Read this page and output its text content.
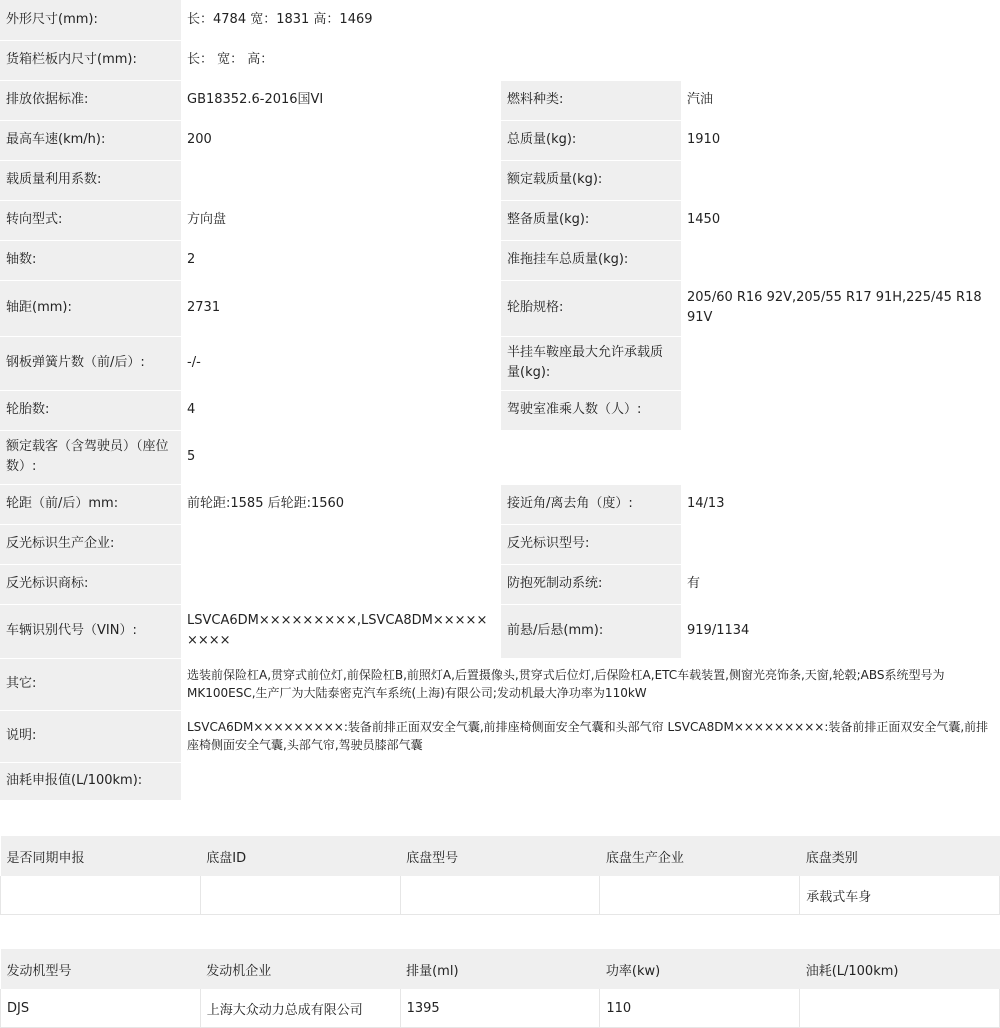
外形尺寸(mm):	长：4784 宽：1831 高：1469		
货箱栏板内尺寸(mm):	长： 宽： 高：		
排放依据标准:	GB18352.6-2016国VI	燃料种类:	汽油
最高车速(km/h):	200	总质量(kg):	1910
载质量利用系数:		额定载质量(kg):	
转向型式:	方向盘	整备质量(kg):	1450
轴数:	2	准拖挂车总质量(kg):	
轴距(mm):	2731	轮胎规格:	205/60 R16 92V,205/55 R17 91H,225/45 R18 91V
钢板弹簧片数（前/后）:	-/-	半挂车鞍座最大允许承载质量(kg):	
轮胎数:	4	驾驶室准乘人数（人）:	
额定载客（含驾驶员）（座位数）:	5		
轮距（前/后）mm:	前轮距:1585 后轮距:1560	接近角/离去角（度）:	14/13
反光标识生产企业:		反光标识型号:	
反光标识商标:		防抱死制动系统:	有
车辆识别代号（VIN）:	LSVCA6DM×××××××××,LSVCA8DM×××××××××	前悬/后悬(mm):	919/1134
其它:	选装前保险杠A,贯穿式前位灯,前保险杠B,前照灯A,后置摄像头,贯穿式后位灯,后保险杠A,ETC车载装置,侧窗光亮饰条,天窗,轮毂;ABS系统型号为MK100ESC,生产厂为大陆泰密克汽车系统(上海)有限公司;发动机最大净功率为110kW		
说明:	LSVCA6DM×××××××××:装备前排正面双安全气囊,前排座椅侧面安全气囊和头部气帘 LSVCA8DM×××××××××:装备前排正面双安全气囊,前排座椅侧面安全气囊,头部气帘,驾驶员膝部气囊		
油耗申报值(L/100km):			
是否同期申报	底盘ID	底盘型号	底盘生产企业	底盘类别
				承载式车身
发动机型号	发动机企业	排量(ml)	功率(kw)	油耗(L/100km)
DJS	上海大众动力总成有限公司	1395	110	
